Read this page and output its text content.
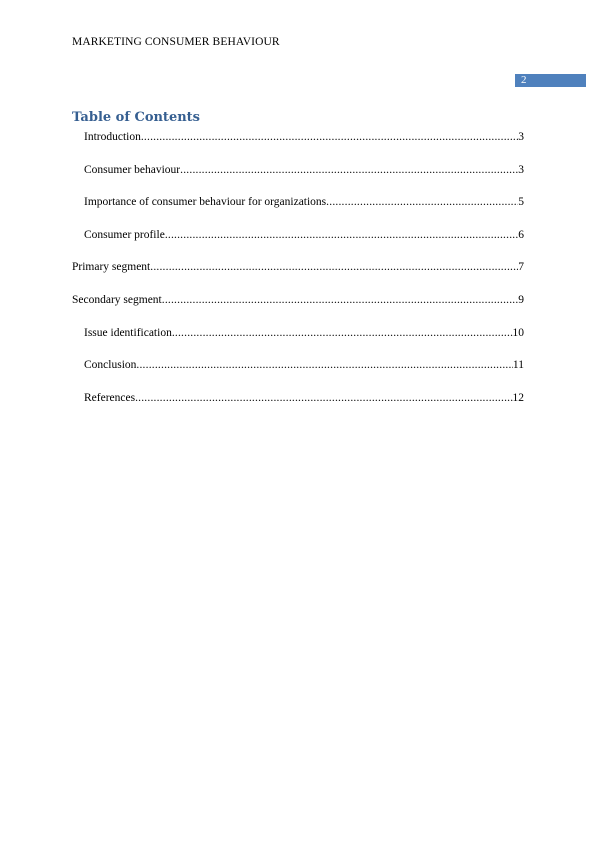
MARKETING CONSUMER BEHAVIOUR
2
Table of Contents
Introduction .....	3
Consumer behaviour .....	3
Importance of consumer behaviour for organizations .....	5
Consumer profile .....	6
Primary segment .....	7
Secondary segment .....	9
Issue identification .....	10
Conclusion .....	11
References .....	12
